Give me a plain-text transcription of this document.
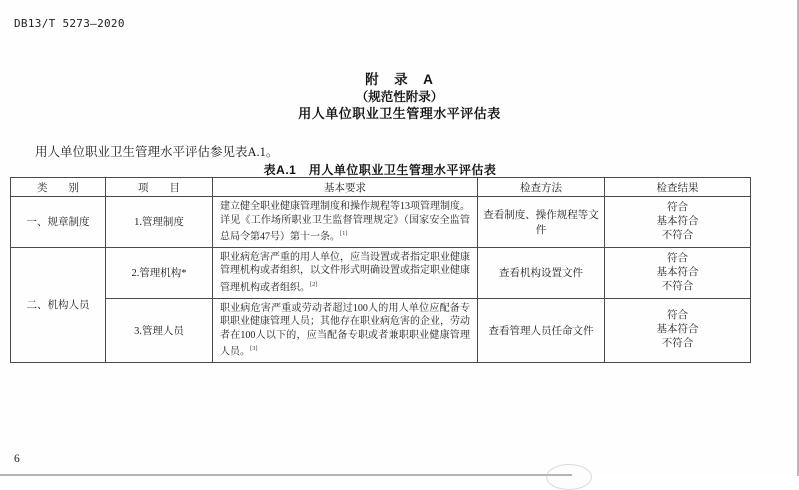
DB13/T 5273—2020
附　录　A
（规范性附录）
用人单位职业卫生管理水平评估表

用人单位职业卫生管理水平评估参见表A.1。

表A.1　用人单位职业卫生管理水平评估表
类　　别	项　　目	基本要求	检查方法	检查结果
一、规章制度	1.管理制度	建立健全职业健康管理制度和操作规程等13项管理制度。详见《工作场所职业卫生监督管理规定》（国家安全监管总局令第47号）第十一条。[1]	查看制度、操作规程等文件	符合
基本符合
不符合

二、机构人员	2.管理机构*	职业病危害严重的用人单位，应当设置或者指定职业健康管理机构或者组织，以文件形式明确设置或指定职业健康管理机构或者组织。[2]	查看机构设置文件	符合
基本符合
不符合

	3.管理人员	职业病危害严重或劳动者超过100人的用人单位应配备专职职业健康管理人员；其他存在职业病危害的企业，劳动者在100人以下的，应当配备专职或者兼职职业健康管理人员。[3]	查看管理人员任命文件	符合
基本符合
不符合
6
